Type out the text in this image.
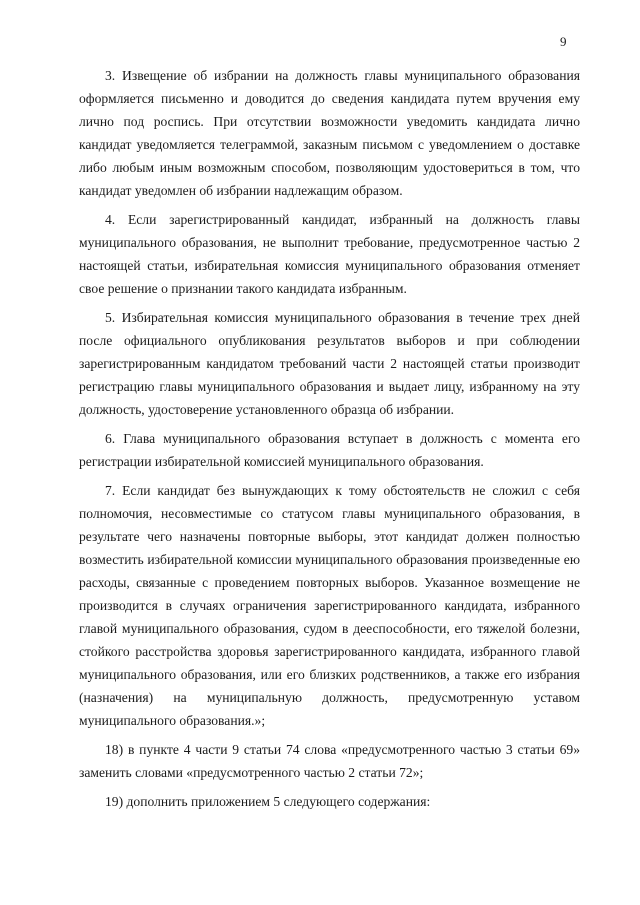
9

3. Извещение об избрании на должность главы муниципального образования оформляется письменно и доводится до сведения кандидата путем вручения ему лично под роспись. При отсутствии возможности уведомить кандидата лично кандидат уведомляется телеграммой, заказным письмом с уведомлением о доставке либо любым иным возможным способом, позволяющим удостовериться в том, что кандидат уведомлен об избрании надлежащим образом.

4. Если зарегистрированный кандидат, избранный на должность главы муниципального образования, не выполнит требование, предусмотренное частью 2 настоящей статьи, избирательная комиссия муниципального образования отменяет свое решение о признании такого кандидата избранным.

5. Избирательная комиссия муниципального образования в течение трех дней после официального опубликования результатов выборов и при соблюдении зарегистрированным кандидатом требований части 2 настоящей статьи производит регистрацию главы муниципального образования и выдает лицу, избранному на эту должность, удостоверение установленного образца об избрании.

6. Глава муниципального образования вступает в должность с момента его регистрации избирательной комиссией муниципального образования.

7. Если кандидат без вынуждающих к тому обстоятельств не сложил с себя полномочия, несовместимые со статусом главы муниципального образования, в результате чего назначены повторные выборы, этот кандидат должен полностью возместить избирательной комиссии муниципального образования произведенные ею расходы, связанные с проведением повторных выборов. Указанное возмещение не производится в случаях ограничения зарегистрированного кандидата, избранного главой муниципального образования, судом в дееспособности, его тяжелой болезни, стойкого расстройства здоровья зарегистрированного кандидата, избранного главой муниципального образования, или его близких родственников, а также его избрания (назначения) на муниципальную должность, предусмотренную уставом муниципального образования.»;

18) в пункте 4 части 9 статьи 74 слова «предусмотренного частью 3 статьи 69» заменить словами «предусмотренного частью 2 статьи 72»;

19) дополнить приложением 5 следующего содержания:
